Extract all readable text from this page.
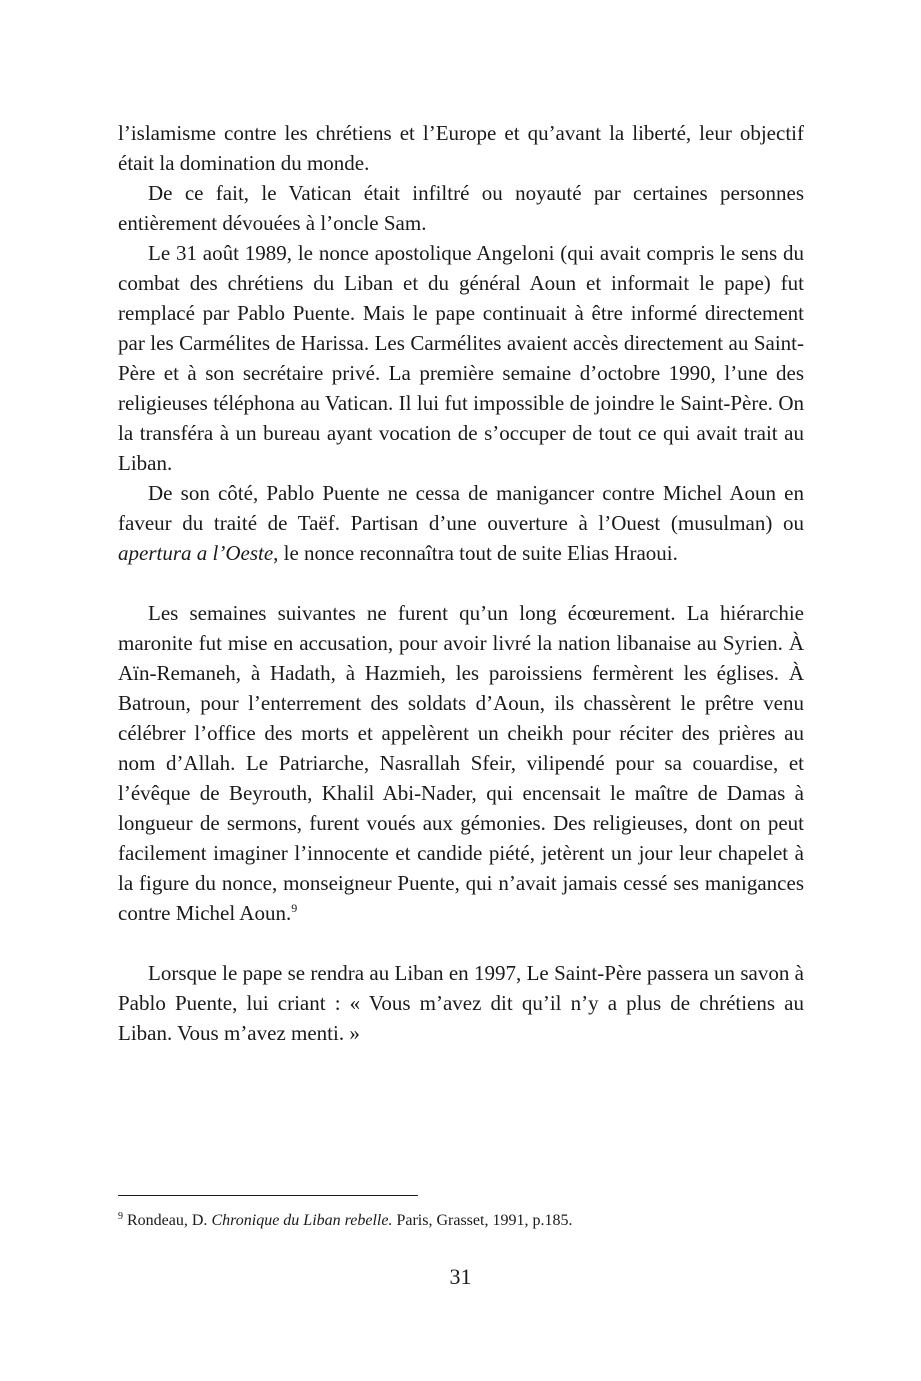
l’islamisme contre les chrétiens et l’Europe et qu’avant la liberté, leur objectif était la domination du monde.

De ce fait, le Vatican était infiltré ou noyauté par certaines personnes entièrement dévouées à l’oncle Sam.

Le 31 août 1989, le nonce apostolique Angeloni (qui avait compris le sens du combat des chrétiens du Liban et du général Aoun et informait le pape) fut remplacé par Pablo Puente. Mais le pape continuait à être informé directement par les Carmélites de Harissa. Les Carmélites avaient accès directement au Saint-Père et à son secrétaire privé. La première semaine d’octobre 1990, l’une des religieuses téléphona au Vatican. Il lui fut impossible de joindre le Saint-Père. On la transféra à un bureau ayant vocation de s’occuper de tout ce qui avait trait au Liban.

De son côté, Pablo Puente ne cessa de manigancer contre Michel Aoun en faveur du traité de Taëf. Partisan d’une ouverture à l’Ouest (musulman) ou apertura a l’Oeste, le nonce reconnaîtra tout de suite Elias Hraoui.

Les semaines suivantes ne furent qu’un long écœurement. La hiérarchie maronite fut mise en accusation, pour avoir livré la nation libanaise au Syrien. À Aïn-Remaneh, à Hadath, à Hazmieh, les paroissiens fermèrent les églises. À Batroun, pour l’enterrement des soldats d’Aoun, ils chassèrent le prêtre venu célébrer l’office des morts et appelèrent un cheikh pour réciter des prières au nom d’Allah. Le Patriarche, Nasrallah Sfeir, vilipendé pour sa couardise, et l’évêque de Beyrouth, Khalil Abi-Nader, qui encensait le maître de Damas à longueur de sermons, furent voués aux gémonies. Des religieuses, dont on peut facilement imaginer l’innocente et candide piété, jetèrent un jour leur chapelet à la figure du nonce, monseigneur Puente, qui n’avait jamais cessé ses manigances contre Michel Aoun.$^9$

Lorsque le pape se rendra au Liban en 1997, Le Saint-Père passera un savon à Pablo Puente, lui criant : « Vous m’avez dit qu’il n’y a plus de chrétiens au Liban. Vous m’avez menti. »

$^9$ Rondeau, D. Chronique du Liban rebelle. Paris, Grasset, 1991, p.185.

31
